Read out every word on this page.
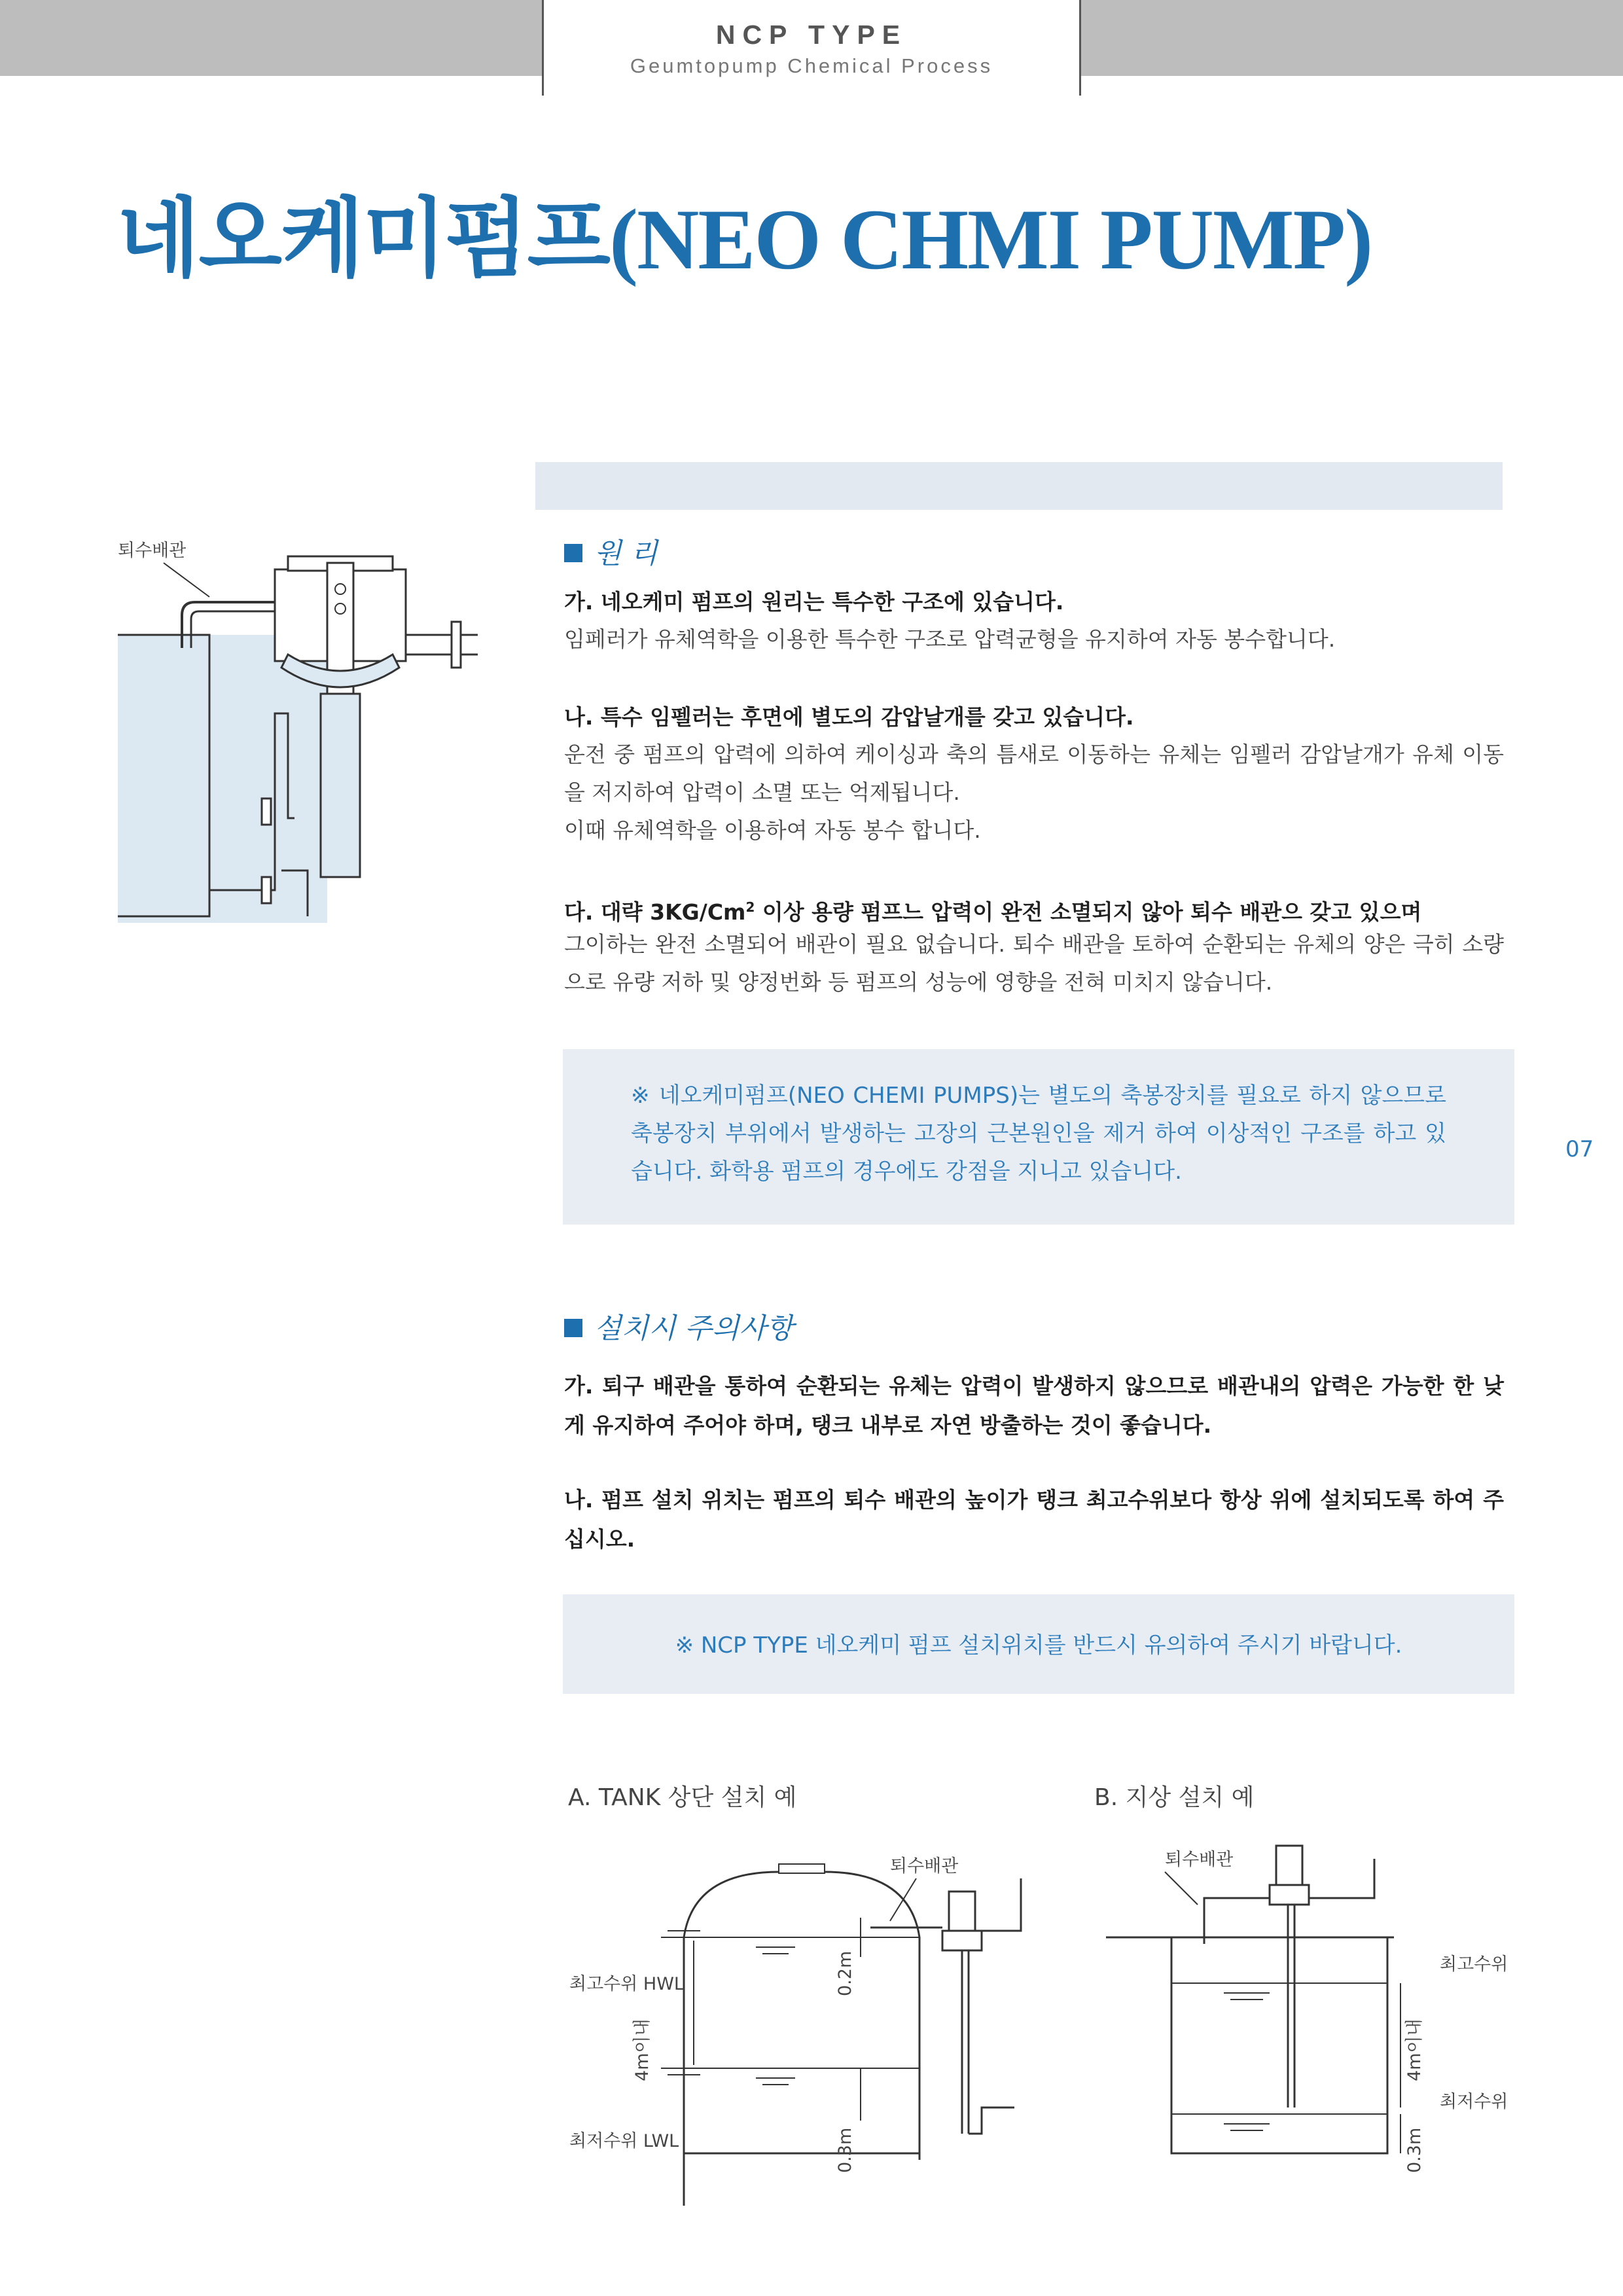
NCP TYPE
Geumtopump Chemical Process
네오케미펌프(NEO CHMI PUMP)
원 리
가. 네오케미 펌프의 원리는 특수한 구조에 있습니다.
임페러가 유체역학을 이용한 특수한 구조로 압력균형을 유지하여 자동 봉수합니다.
나. 특수 임펠러는 후면에 별도의 감압날개를 갖고 있습니다.
운전 중 펌프의 압력에 의하여 케이싱과 축의 틈새로 이동하는 유체는 임펠러 감압날개가 유체 이동을 저지하여 압력이 소멸 또는 억제됩니다.
이때 유체역학을 이용하여 자동 봉수 합니다.
다. 대략 3KG/Cm$^2$ 이상 용량 펌프느 압력이 완전 소멸되지 않아 퇴수 배관으 갖고 있으며
그이하는 완전 소멸되어 배관이 필요 없습니다. 퇴수 배관을 토하여 순환되는 유체의 양은 극히 소량으로 유량 저하 및 양정번화 등 펌프의 성능에 영향을 전혀 미치지 않습니다.
※ 네오케미펌프(NEO CHEMI PUMPS)는 별도의 축봉장치를 필요로 하지 않으므로 축봉장치 부위에서 발생하는 고장의 근본원인을 제거 하여 이상적인 구조를 하고 있습니다. 화학용 펌프의 경우에도 강점을 지니고 있습니다.
07
설치시 주의사항
가. 퇴구 배관을 통하여 순환되는 유체는 압력이 발생하지 않으므로 배관내의 압력은 가능한 한 낮게 유지하여 주어야 하며, 탱크 내부로 자연 방출하는 것이 좋습니다.
나. 펌프 설치 위치는 펌프의 퇴수 배관의 높이가 탱크 최고수위보다 항상 위에 설치되도록 하여 주십시오.
※ NCP TYPE 네오케미 펌프 설치위치를 반드시 유의하여 주시기 바랍니다.
A. TANK 상단 설치 예	B. 지상 설치 예
퇴수배관
퇴수배관
최고수위 HWL
최저수위 LWL
4m이내
0.2m
0.3m
퇴수배관
최고수위
최저수위
4m이내
0.3m
